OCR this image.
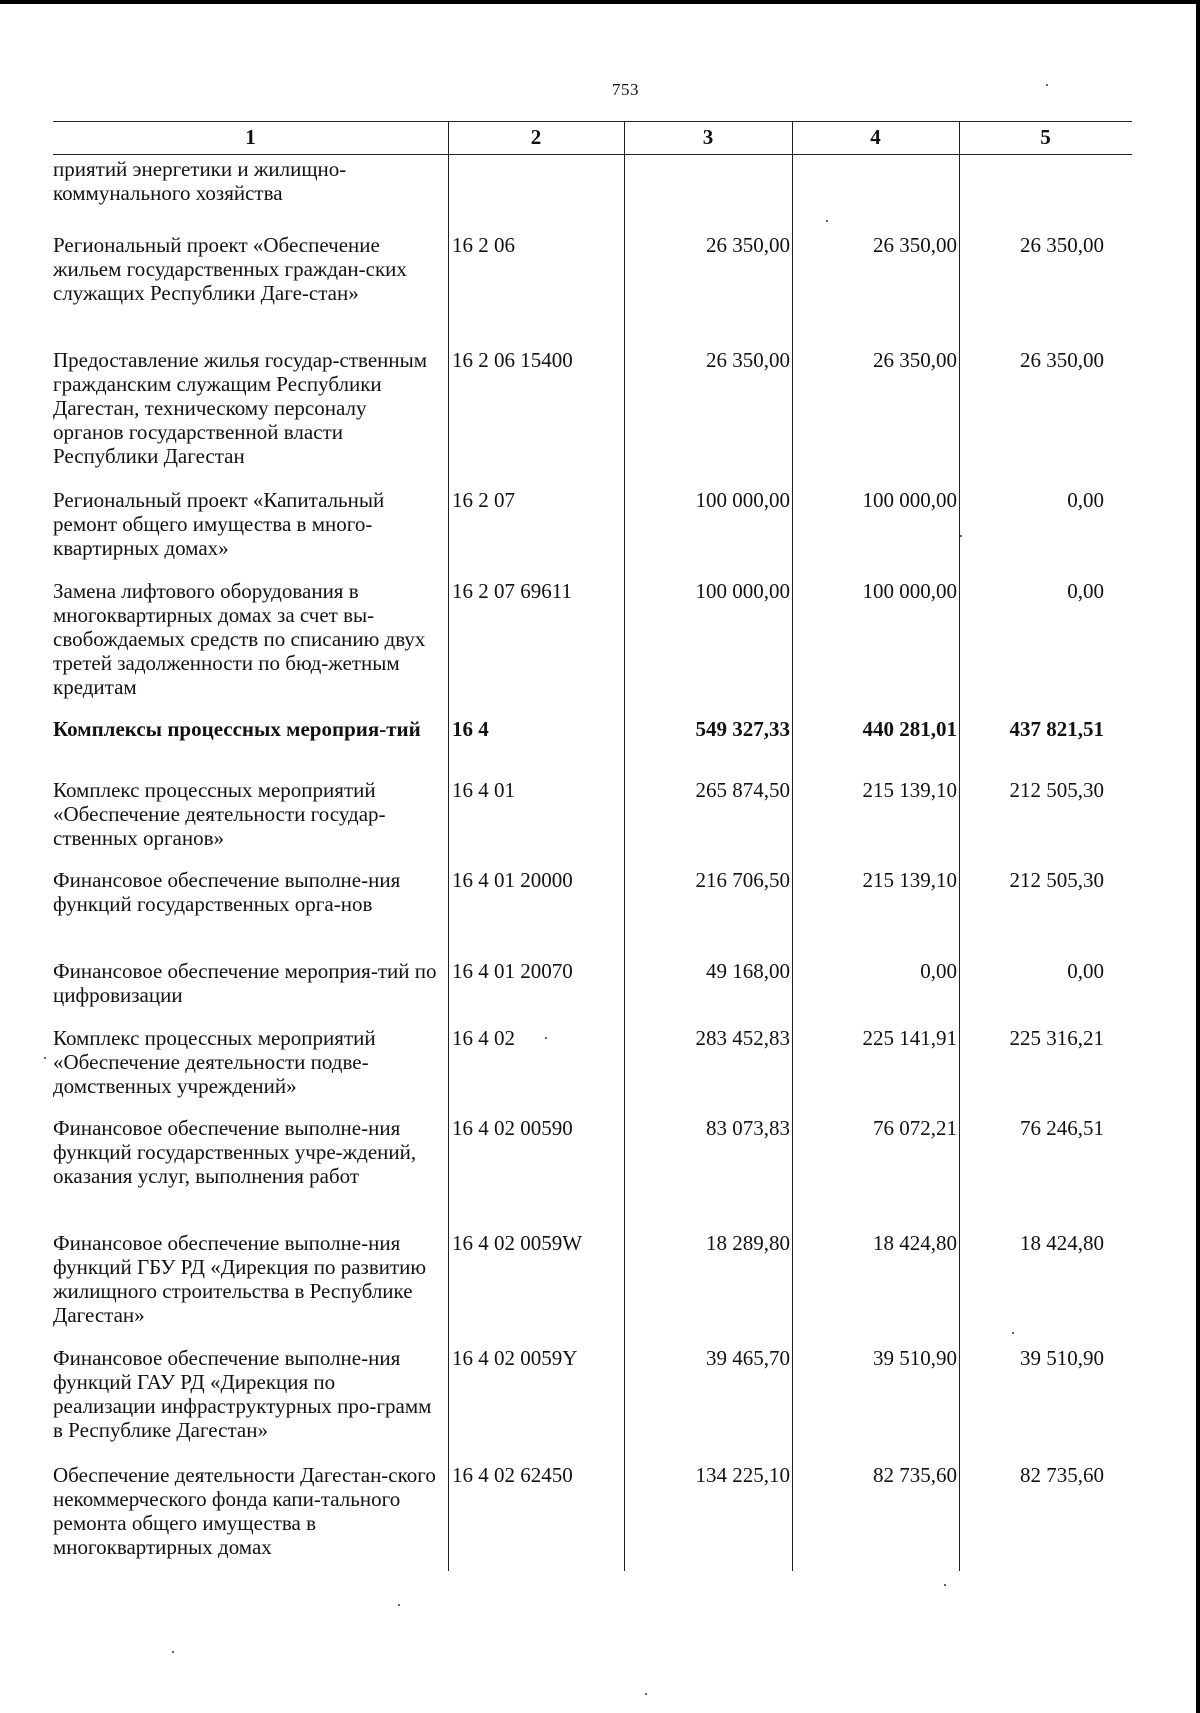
753
1	2	3	4	5
приятий энергетики и жилищно-коммунального хозяйства				
Региональный проект «Обеспечение жильем государственных граждан-ских служащих Республики Даге-стан»	16 2 06	26 350,00	26 350,00	26 350,00
Предоставление жилья государ-ственным гражданским служащим Республики Дагестан, техническому персоналу органов государственной власти Республики Дагестан	16 2 06 15400	26 350,00	26 350,00	26 350,00
Региональный проект «Капитальный ремонт общего имущества в много-квартирных домах»	16 2 07	100 000,00	100 000,00	0,00
Замена лифтового оборудования в многоквартирных домах за счет вы-свобождаемых средств по списанию двух третей задолженности по бюд-жетным кредитам	16 2 07 69611	100 000,00	100 000,00	0,00
Комплексы процессных мероприя-тий	16 4	549 327,33	440 281,01	437 821,51
Комплекс процессных мероприятий «Обеспечение деятельности государ-ственных органов»	16 4 01	265 874,50	215 139,10	212 505,30
Финансовое обеспечение выполне-ния функций государственных орга-нов	16 4 01 20000	216 706,50	215 139,10	212 505,30
Финансовое обеспечение мероприя-тий по цифровизации	16 4 01 20070	49 168,00	0,00	0,00
Комплекс процессных мероприятий «Обеспечение деятельности подве-домственных учреждений»	16 4 02	283 452,83	225 141,91	225 316,21
Финансовое обеспечение выполне-ния функций государственных учре-ждений, оказания услуг, выполнения работ	16 4 02 00590	83 073,83	76 072,21	76 246,51
Финансовое обеспечение выполне-ния функций ГБУ РД «Дирекция по развитию жилищного строительства в Республике Дагестан»	16 4 02 0059W	18 289,80	18 424,80	18 424,80
Финансовое обеспечение выполне-ния функций ГАУ РД «Дирекция по реализации инфраструктурных про-грамм в Республике Дагестан»	16 4 02 0059Y	39 465,70	39 510,90	39 510,90
Обеспечение деятельности Дагестан-ского некоммерческого фонда капи-тального ремонта общего имущества в многоквартирных домах	16 4 02 62450	134 225,10	82 735,60	82 735,60
